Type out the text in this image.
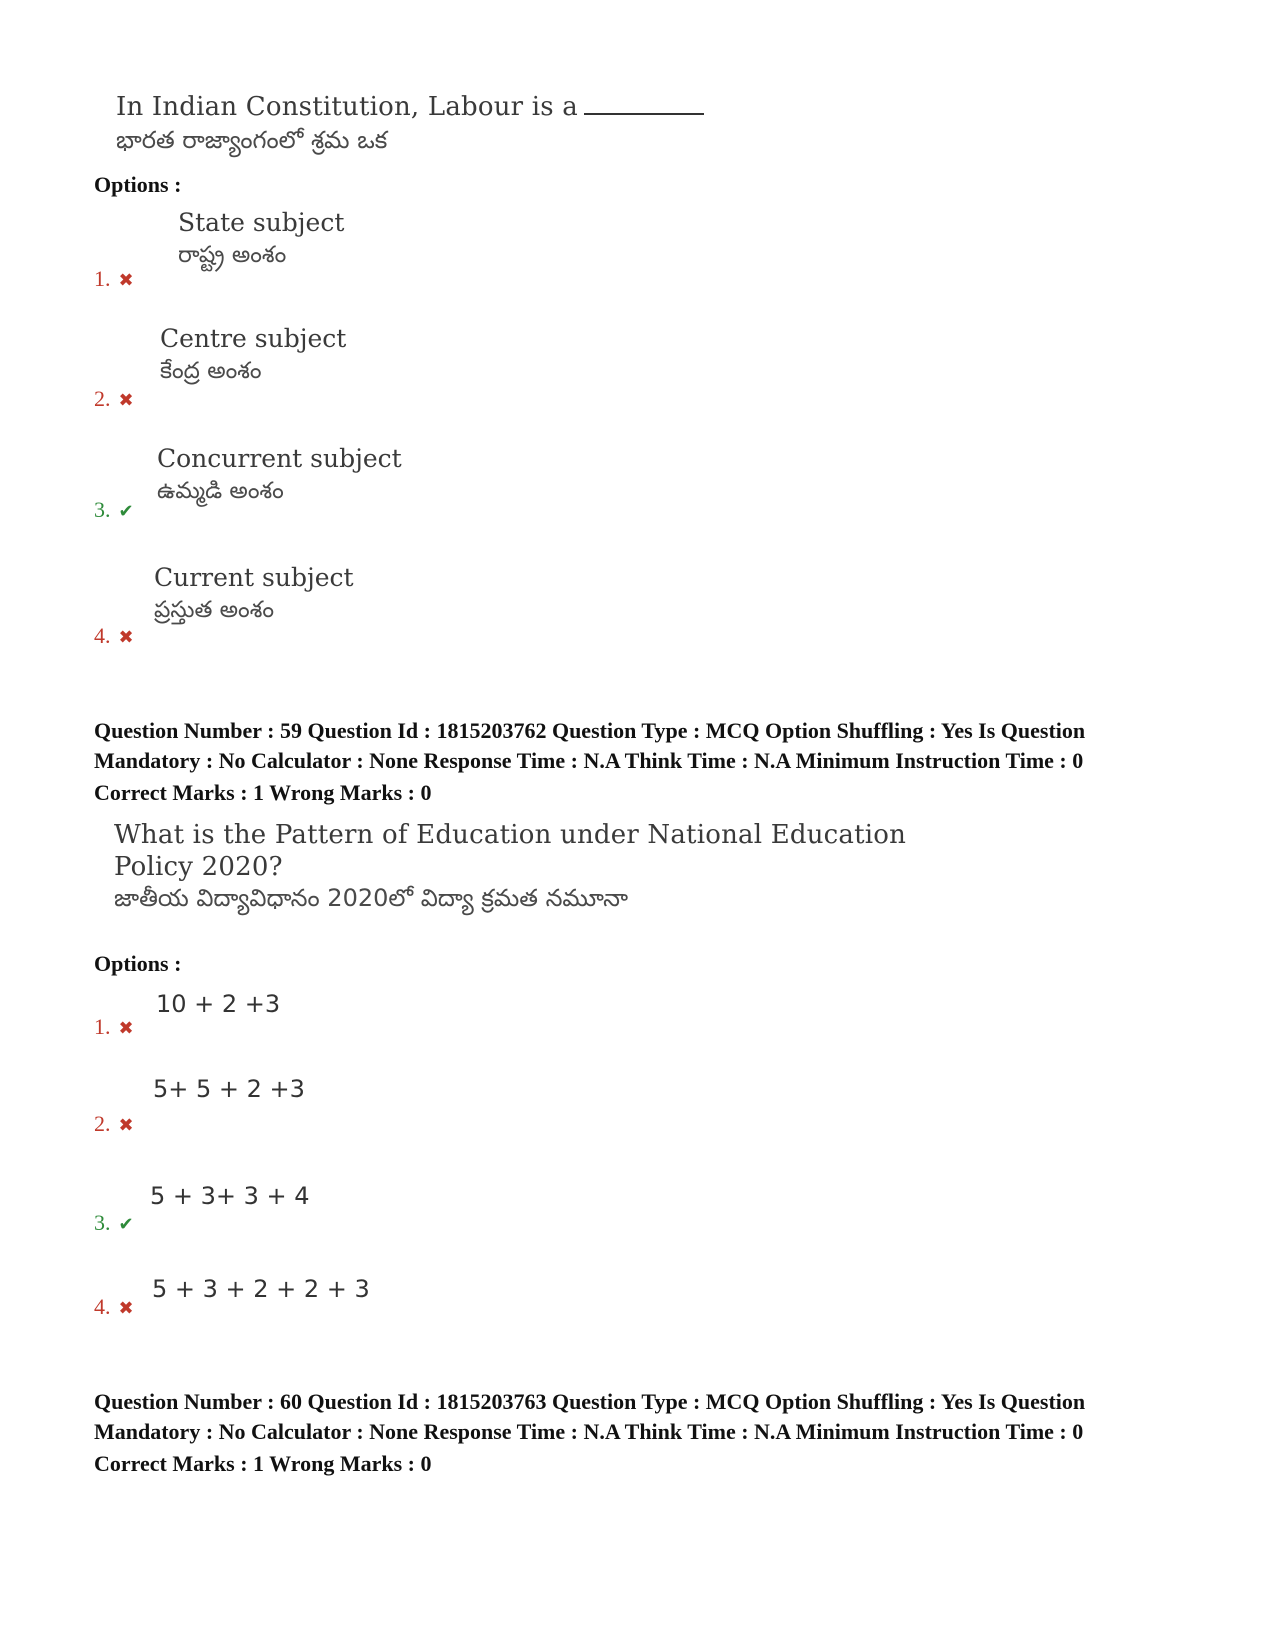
In Indian Constitution, Labour is a
భారత రాజ్యాంగంలో శ్రమ ఒక
Options :
State subject
రాష్ట్ర అంశం
1. ✖
Centre subject
కేంద్ర అంశం
2. ✖
Concurrent subject
ఉమ్మడి అంశం
3. ✔
Current subject
ప్రస్తుత అంశం
4. ✖
Question Number : 59 Question Id : 1815203762 Question Type : MCQ Option Shuffling : Yes Is Question
Mandatory : No Calculator : None Response Time : N.A Think Time : N.A Minimum Instruction Time : 0
Correct Marks : 1 Wrong Marks : 0
What is the Pattern of Education under National Education
Policy 2020?
జాతీయ విద్యావిధానం 2020లో విద్యా క్రమత నమూనా
Options :
10 + 2 +3
1. ✖
5+ 5 + 2 +3
2. ✖
5 + 3+ 3 + 4
3. ✔
5 + 3 + 2 + 2 + 3
4. ✖
Question Number : 60 Question Id : 1815203763 Question Type : MCQ Option Shuffling : Yes Is Question
Mandatory : No Calculator : None Response Time : N.A Think Time : N.A Minimum Instruction Time : 0
Correct Marks : 1 Wrong Marks : 0
